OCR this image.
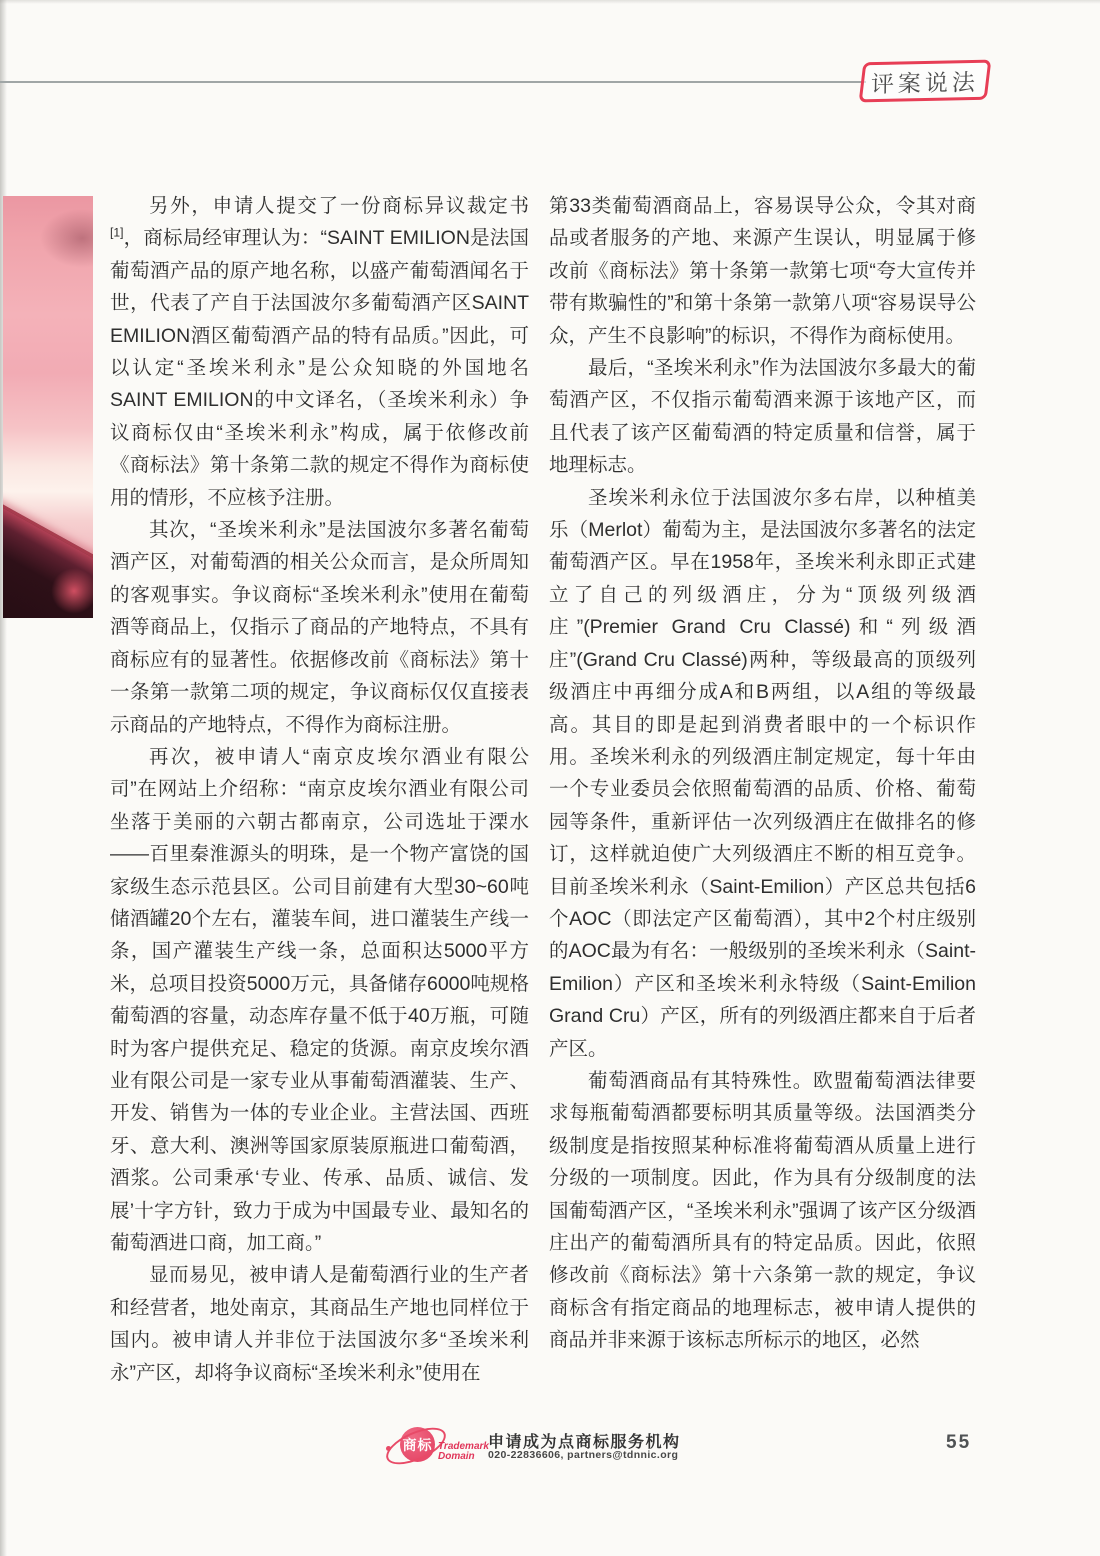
评案说法

另外，申请人提交了一份商标异议裁定书[1]，商标局经审理认为：“SAINT EMILION是法国葡萄酒产品的原产地名称，以盛产葡萄酒闻名于世，代表了产自于法国波尔多葡萄酒产区SAINT EMILION酒区葡萄酒产品的特有品质。”因此，可以认定“圣埃米利永”是公众知晓的外国地名SAINT EMILION的中文译名，（圣埃米利永）争议商标仅由“圣埃米利永”构成，属于依修改前《商标法》第十条第二款的规定不得作为商标使用的情形，不应核予注册。

其次，“圣埃米利永”是法国波尔多著名葡萄酒产区，对葡萄酒的相关公众而言，是众所周知的客观事实。争议商标“圣埃米利永”使用在葡萄酒等商品上，仅指示了商品的产地特点，不具有商标应有的显著性。依据修改前《商标法》第十一条第一款第二项的规定，争议商标仅仅直接表示商品的产地特点，不得作为商标注册。

再次，被申请人“南京皮埃尔酒业有限公司”在网站上介绍称：“南京皮埃尔酒业有限公司坐落于美丽的六朝古都南京，公司选址于溧水——百里秦淮源头的明珠，是一个物产富饶的国家级生态示范县区。公司目前建有大型30~60吨储酒罐20个左右，灌装车间，进口灌装生产线一条，国产灌装生产线一条，总面积达5000平方米，总项目投资5000万元，具备储存6000吨规格葡萄酒的容量，动态库存量不低于40万瓶，可随时为客户提供充足、稳定的货源。南京皮埃尔酒业有限公司是一家专业从事葡萄酒灌装、生产、开发、销售为一体的专业企业。主营法国、西班牙、意大利、澳洲等国家原装原瓶进口葡萄酒，酒浆。公司秉承‘专业、传承、品质、诚信、发展’十字方针，致力于成为中国最专业、最知名的葡萄酒进口商，加工商。”

显而易见，被申请人是葡萄酒行业的生产者和经营者，地处南京，其商品生产地也同样位于国内。被申请人并非位于法国波尔多“圣埃米利永”产区，却将争议商标“圣埃米利永”使用在

第33类葡萄酒商品上，容易误导公众，令其对商品或者服务的产地、来源产生误认，明显属于修改前《商标法》第十条第一款第七项“夸大宣传并带有欺骗性的”和第十条第一款第八项“容易误导公众，产生不良影响”的标识，不得作为商标使用。

最后，“圣埃米利永”作为法国波尔多最大的葡萄酒产区，不仅指示葡萄酒来源于该地产区，而且代表了该产区葡萄酒的特定质量和信誉，属于地理标志。

圣埃米利永位于法国波尔多右岸，以种植美乐（Merlot）葡萄为主，是法国波尔多著名的法定葡萄酒产区。早在1958年，圣埃米利永即正式建立了自己的列级酒庄，分为“顶级列级酒庄”(Premier Grand Cru Classé)和“列级酒庄”(Grand Cru Classé)两种，等级最高的顶级列级酒庄中再细分成A和B两组，以A组的等级最高。其目的即是起到消费者眼中的一个标识作用。圣埃米利永的列级酒庄制定规定，每十年由一个专业委员会依照葡萄酒的品质、价格、葡萄园等条件，重新评估一次列级酒庄在做排名的修订，这样就迫使广大列级酒庄不断的相互竞争。目前圣埃米利永（Saint-Emilion）产区总共包括6个AOC（即法定产区葡萄酒），其中2个村庄级别的AOC最为有名：一般级别的圣埃米利永（Saint-Emilion）产区和圣埃米利永特级（Saint-Emilion Grand Cru）产区，所有的列级酒庄都来自于后者产区。

葡萄酒商品有其特殊性。欧盟葡萄酒法律要求每瓶葡萄酒都要标明其质量等级。法国酒类分级制度是指按照某种标准将葡萄酒从质量上进行分级的一项制度。因此，作为具有分级制度的法国葡萄酒产区，“圣埃米利永”强调了该产区分级酒庄出产的葡萄酒所具有的特定品质。因此，依照修改前《商标法》第十六条第一款的规定，争议商标含有指定商品的地理标志，被申请人提供的商品并非来源于该标志所标示的地区，必然

商标 Trademark
Domain
申请成为点商标服务机构
020-22836606, partners@tdnnic.org
55
